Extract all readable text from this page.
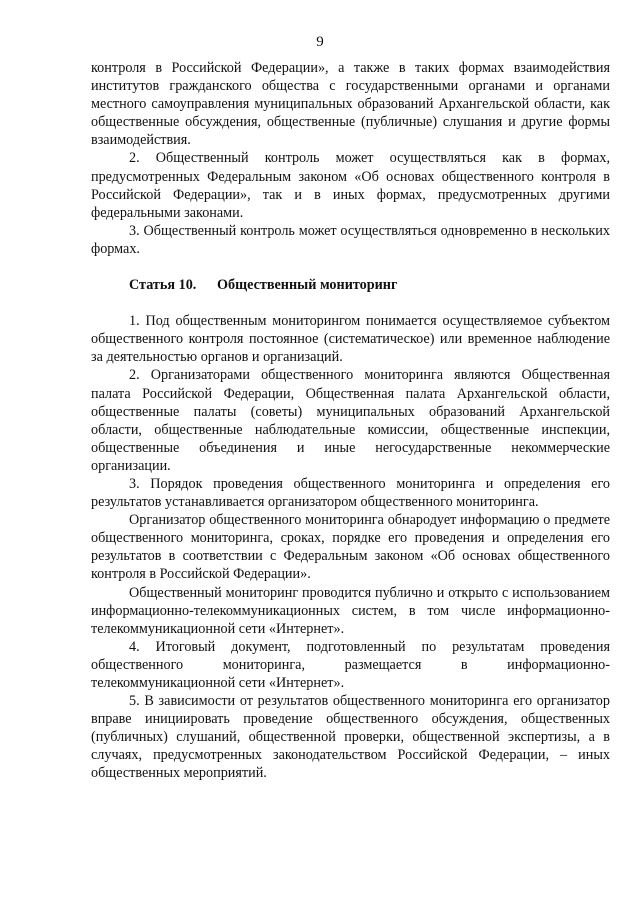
9

контроля в Российской Федерации», а также в таких формах взаимодействия институтов гражданского общества с государственными органами и органами местного самоуправления муниципальных образований Архангельской области, как общественные обсуждения, общественные (публичные) слушания и другие формы взаимодействия.

2. Общественный контроль может осуществляться как в формах, предусмотренных Федеральным законом «Об основах общественного контроля в Российской Федерации», так и в иных формах, предусмотренных другими федеральными законами.

3. Общественный контроль может осуществляться одновременно в нескольких формах.

Статья 10. Общественный мониторинг

1. Под общественным мониторингом понимается осуществляемое субъектом общественного контроля постоянное (систематическое) или временное наблюдение за деятельностью органов и организаций.

2. Организаторами общественного мониторинга являются Общественная палата Российской Федерации, Общественная палата Архангельской области, общественные палаты (советы) муниципальных образований Архангельской области, общественные наблюдательные комиссии, общественные инспекции, общественные объединения и иные негосударственные некоммерческие организации.

3. Порядок проведения общественного мониторинга и определения его результатов устанавливается организатором общественного мониторинга.

Организатор общественного мониторинга обнародует информацию о предмете общественного мониторинга, сроках, порядке его проведения и определения его результатов в соответствии с Федеральным законом «Об основах общественного контроля в Российской Федерации».

Общественный мониторинг проводится публично и открыто с использованием информационно-телекоммуникационных систем, в том числе информационно-телекоммуникационной сети «Интернет».

4. Итоговый документ, подготовленный по результатам проведения общественного мониторинга, размещается в информационно-телекоммуникационной сети «Интернет».

5. В зависимости от результатов общественного мониторинга его организатор вправе инициировать проведение общественного обсуждения, общественных (публичных) слушаний, общественной проверки, общественной экспертизы, а в случаях, предусмотренных законодательством Российской Федерации, – иных общественных мероприятий.
